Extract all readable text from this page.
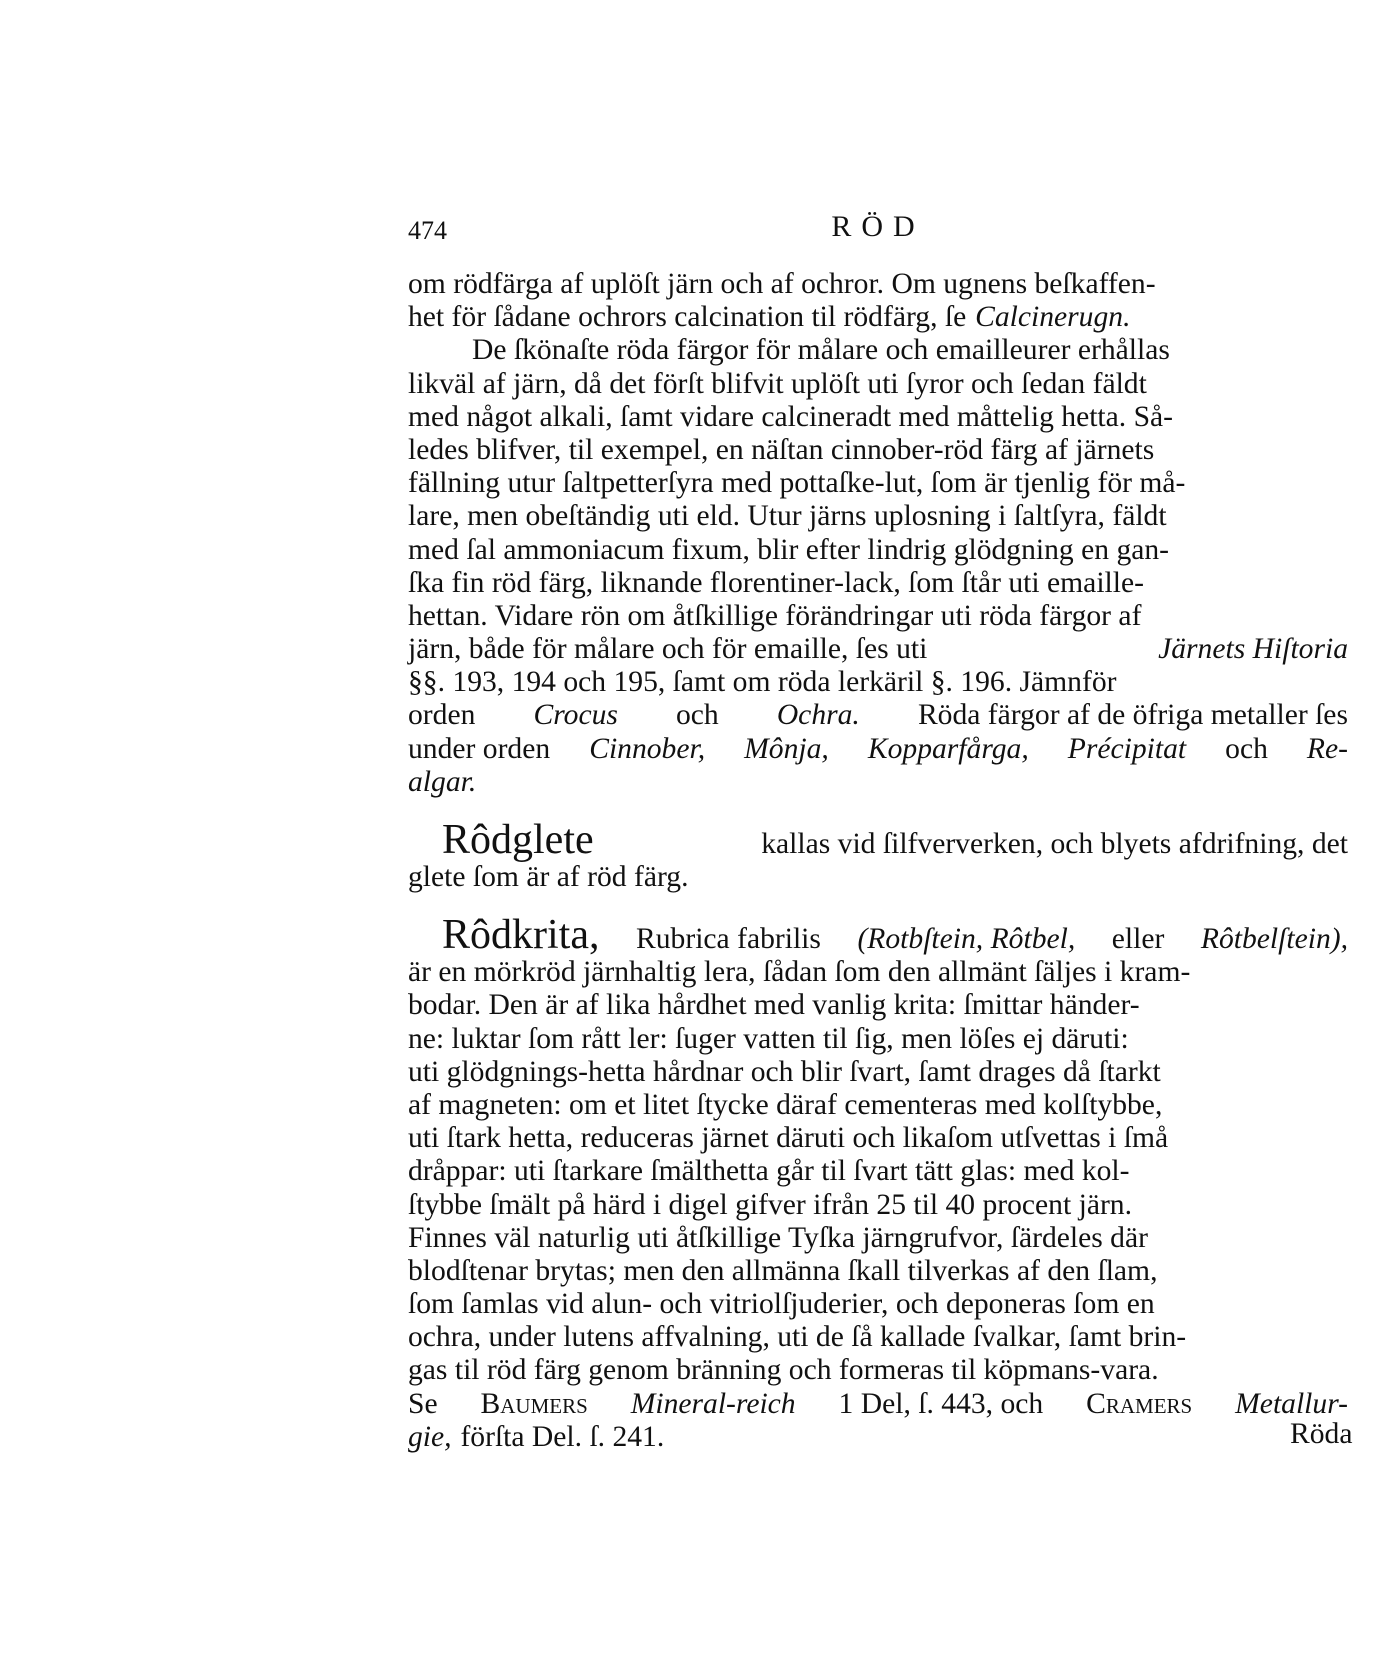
474	RÖD
om rödfärga af uplöſt järn och af ochror. Om ugnens beſkaffen-
het för ſådane ochrors calcination til rödfärg, ſe Calcinerugn.
De ſkönaſte röda färgor för målare och emailleurer erhållas
likväl af järn, då det förſt blifvit uplöſt uti ſyror och ſedan fäldt
med något alkali, ſamt vidare calcineradt med måttelig hetta. Så-
ledes blifver, til exempel, en näſtan cinnober-röd färg af järnets
fällning utur ſaltpetterſyra med pottaſke-lut, ſom är tjenlig för må-
lare, men obeſtändig uti eld. Utur järns uplosning i ſaltſyra, fäldt
med ſal ammoniacum fixum, blir efter lindrig glödgning en gan-
ſka fin röd färg, liknande florentiner-lack, ſom ſtår uti emaille-
hettan. Vidare rön om åtſkillige förändringar uti röda färgor af
järn, både för målare och för emaille, ſes uti	Järnets Hiſtoria
§§. 193, 194 och 195, ſamt om röda lerkäril §. 196. Jämnför
orden Crocus och Ochra. Röda färgor af de öfriga metaller ſes
under orden Cinnober, Mônja, Kopparfårga, Précipitat och Re-
algar.
Rôdglete	kallas vid ſilfververken, och blyets afdrifning, det
glete ſom är af röd färg.
Rôdkrita, Rubrica fabrilis (Rotbſtein, Rôtbel, eller Rôtbelſtein),
är en mörkröd järnhaltig lera, ſådan ſom den allmänt ſäljes i kram-
bodar. Den är af lika hårdhet med vanlig krita: ſmittar händer-
ne: luktar ſom rått ler: ſuger vatten til ſig, men löſes ej däruti:
uti glödgnings-hetta hårdnar och blir ſvart, ſamt drages då ſtarkt
af magneten: om et litet ſtycke däraf cementeras med kolſtybbe,
uti ſtark hetta, reduceras järnet däruti och likaſom utſvettas i ſmå
dråppar: uti ſtarkare ſmälthetta går til ſvart tätt glas: med kol-
ſtybbe ſmält på härd i digel gifver ifrån 25 til 40 procent järn.
Finnes väl naturlig uti åtſkillige Tyſka järngrufvor, ſärdeles där
blodſtenar brytas; men den allmänna ſkall tilverkas af den ſlam,
ſom ſamlas vid alun- och vitriolſjuderier, och deponeras ſom en
ochra, under lutens affvalning, uti de ſå kallade ſvalkar, ſamt brin-
gas til röd färg genom bränning och formeras til köpmans-vara.
Se Baumers Mineral-reich 1 Del, ſ. 443, och Cramers Metallur-
gie, förſta Del. ſ. 241.	Röda
